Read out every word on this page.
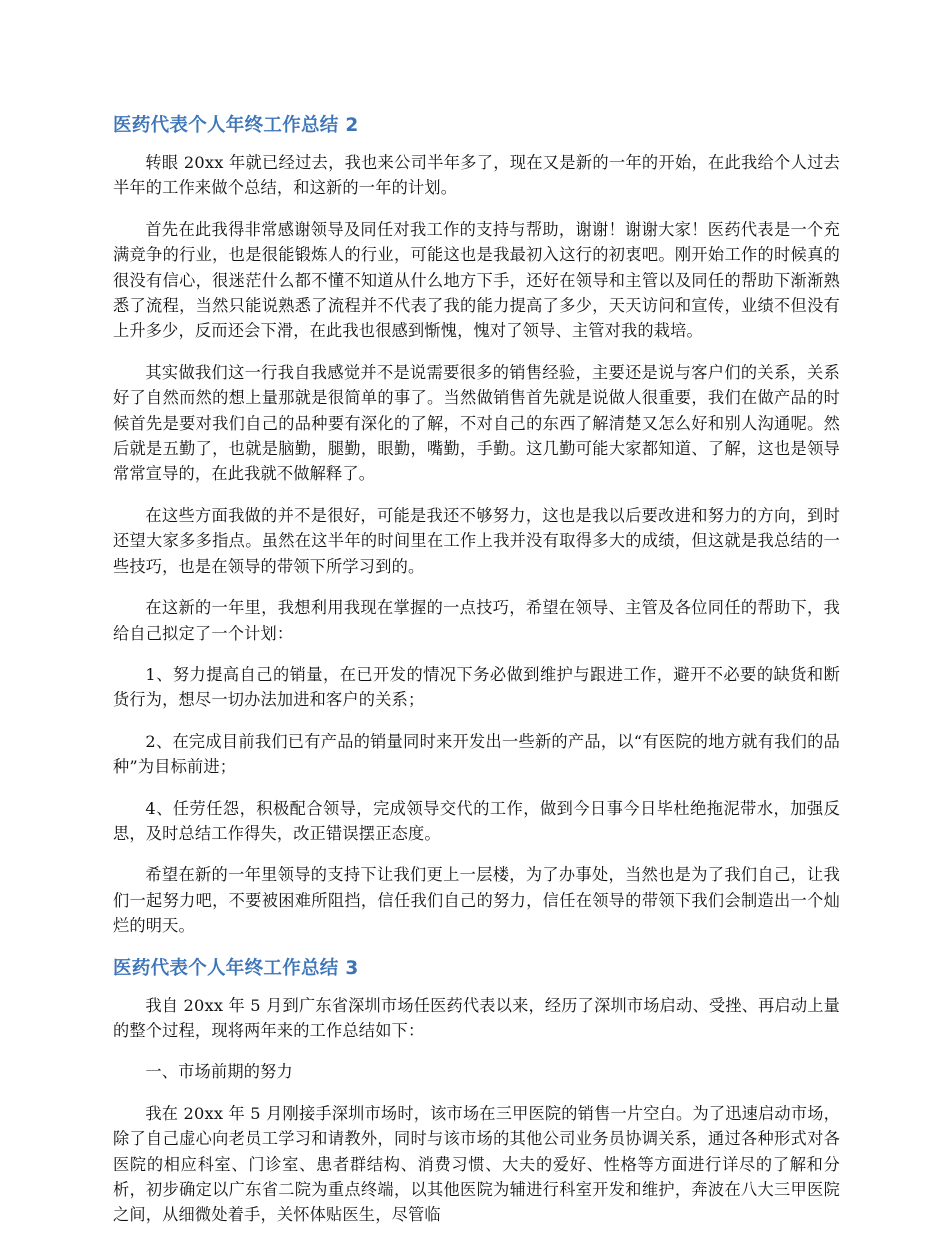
医药代表个人年终工作总结 2

转眼 20xx 年就已经过去，我也来公司半年多了，现在又是新的一年的开始，在此我给个人过去半年的工作来做个总结，和这新的一年的计划。

首先在此我得非常感谢领导及同任对我工作的支持与帮助，谢谢！谢谢大家！医药代表是一个充满竞争的行业，也是很能锻炼人的行业，可能这也是我最初入这行的初衷吧。刚开始工作的时候真的很没有信心，很迷茫什么都不懂不知道从什么地方下手，还好在领导和主管以及同任的帮助下渐渐熟悉了流程，当然只能说熟悉了流程并不代表了我的能力提高了多少，天天访问和宣传，业绩不但没有上升多少，反而还会下滑，在此我也很感到惭愧，愧对了领导、主管对我的栽培。

其实做我们这一行我自我感觉并不是说需要很多的销售经验，主要还是说与客户们的关系，关系好了自然而然的想上量那就是很简单的事了。当然做销售首先就是说做人很重要，我们在做产品的时候首先是要对我们自己的品种要有深化的了解，不对自己的东西了解清楚又怎么好和别人沟通呢。然后就是五勤了，也就是脑勤，腿勤，眼勤，嘴勤，手勤。这几勤可能大家都知道、了解，这也是领导常常宣导的，在此我就不做解释了。

在这些方面我做的并不是很好，可能是我还不够努力，这也是我以后要改进和努力的方向，到时还望大家多多指点。虽然在这半年的时间里在工作上我并没有取得多大的成绩，但这就是我总结的一些技巧，也是在领导的带领下所学习到的。

在这新的一年里，我想利用我现在掌握的一点技巧，希望在领导、主管及各位同任的帮助下，我给自己拟定了一个计划：

1、努力提高自己的销量，在已开发的情况下务必做到维护与跟进工作，避开不必要的缺货和断货行为，想尽一切办法加进和客户的关系；

2、在完成目前我们已有产品的销量同时来开发出一些新的产品，以“有医院的地方就有我们的品种”为目标前进；

4、任劳任怨，积极配合领导，完成领导交代的工作，做到今日事今日毕杜绝拖泥带水，加强反思，及时总结工作得失，改正错误摆正态度。

希望在新的一年里领导的支持下让我们更上一层楼，为了办事处，当然也是为了我们自己，让我们一起努力吧，不要被困难所阻挡，信任我们自己的努力，信任在领导的带领下我们会制造出一个灿烂的明天。

医药代表个人年终工作总结 3

我自 20xx 年 5 月到广东省深圳市场任医药代表以来，经历了深圳市场启动、受挫、再启动上量的整个过程，现将两年来的工作总结如下：

一、市场前期的努力

我在 20xx 年 5 月刚接手深圳市场时，该市场在三甲医院的销售一片空白。为了迅速启动市场，除了自己虚心向老员工学习和请教外，同时与该市场的其他公司业务员协调关系，通过各种形式对各医院的相应科室、门诊室、患者群结构、消费习惯、大夫的爱好、性格等方面进行详尽的了解和分析，初步确定以广东省二院为重点终端，以其他医院为辅进行科室开发和维护，奔波在八大三甲医院之间，从细微处着手，关怀体贴医生，尽管临
